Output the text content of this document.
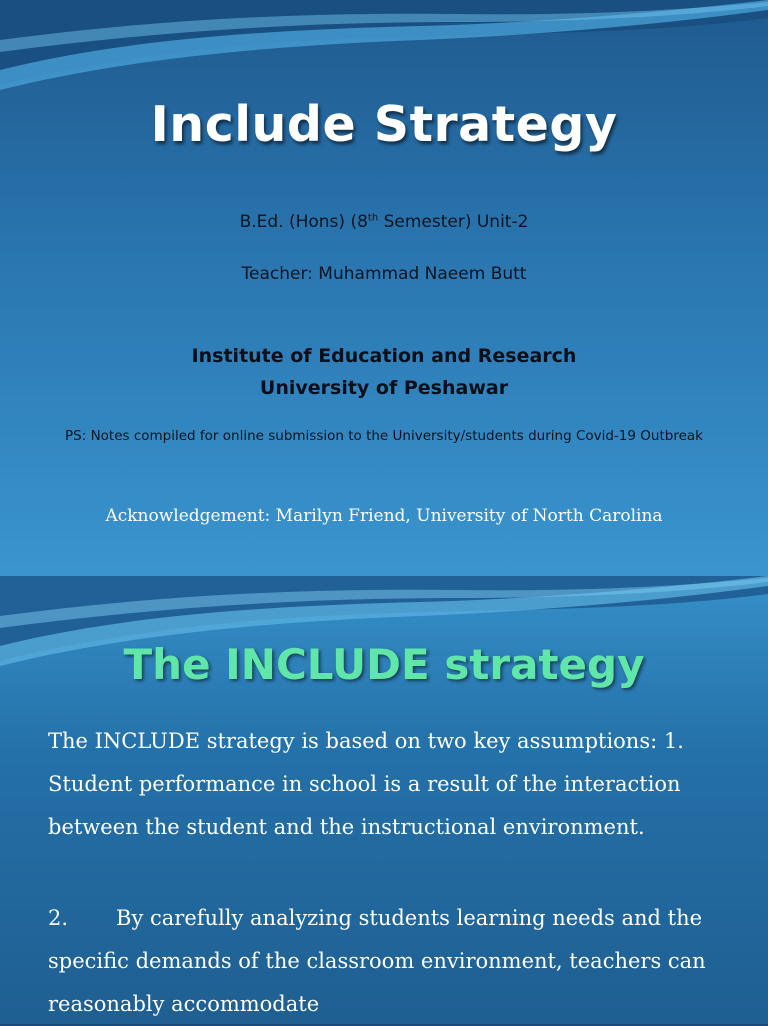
Include Strategy
B.Ed. (Hons) (8th Semester) Unit-2
Teacher: Muhammad Naeem Butt
Institute of Education and Research
University of Peshawar
PS: Notes compiled for online submission to the University/students during Covid-19 Outbreak
Acknowledgement: Marilyn Friend, University of North Carolina
The INCLUDE strategy

The INCLUDE strategy is based on two key assumptions: 1. Student performance in school is a result of the interaction between the student and the instructional environment.

2. By carefully analyzing students learning needs and the specific demands of the classroom environment, teachers can reasonably accommodate
